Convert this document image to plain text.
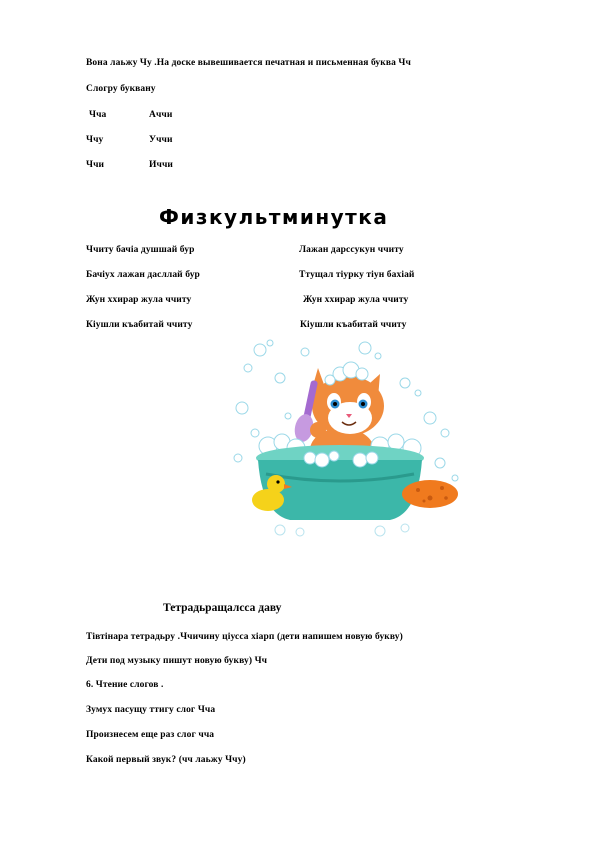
Вона лаьжу Чу .На доске вывешивается печатная и письменная буква Чч
Слогру буквану
Чча
Ччу
Ччи
Аччи
Уччи
Иччи
Физкультминутка
Ччиту бачiа душшай бур
Бачiух лажан дасллай бур
Жун ххирар жула ччиту
Кiушли къабитай ччиту
Лажан дарссукун ччиту
Ттущал тiурку тiун бахiай
Жун ххирар жула ччиту
Кiушли къабитай ччиту
Тетрадьращалсса даву
Тiвтiнара тетрадьру .Ччичину цiусса хiарп (дети напишем новую букву)
Дети под музыку пишут новую букву) Чч
6. Чтение слогов .
Зумух пасущу ттигу слог Чча
Произнесем еще раз слог чча
Какой первый звук? (чч лаьжу Ччу)
